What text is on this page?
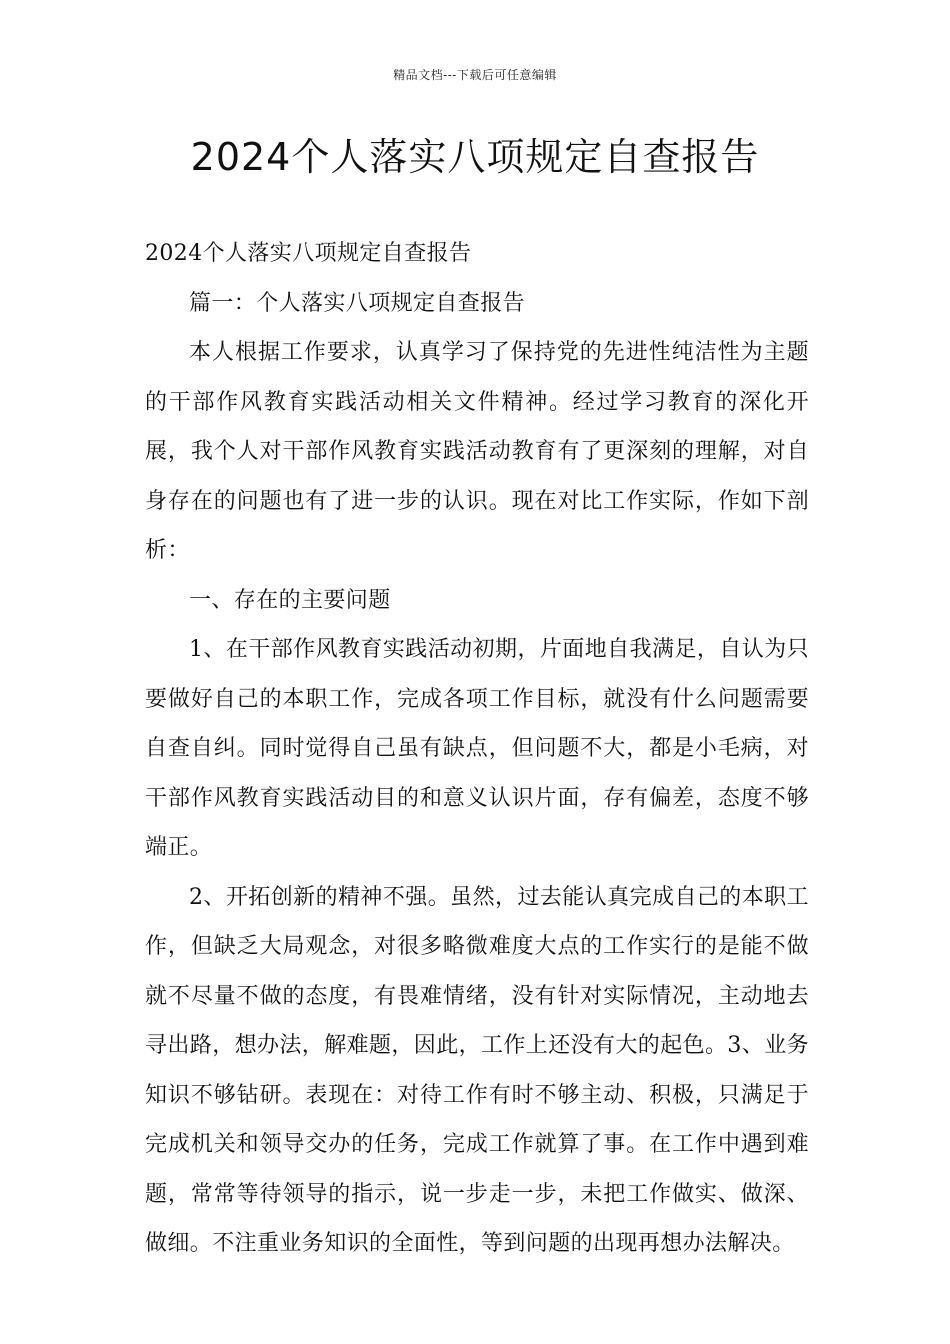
精品文档---下载后可任意编辑
2024个人落实八项规定自查报告

2024个人落实八项规定自查报告

篇一：个人落实八项规定自查报告

本人根据工作要求，认真学习了保持党的先进性纯洁性为主题的干部作风教育实践活动相关文件精神。经过学习教育的深化开展，我个人对干部作风教育实践活动教育有了更深刻的理解，对自身存在的问题也有了进一步的认识。现在对比工作实际，作如下剖析：

一、存在的主要问题

1、在干部作风教育实践活动初期，片面地自我满足，自认为只要做好自己的本职工作，完成各项工作目标，就没有什么问题需要自查自纠。同时觉得自己虽有缺点，但问题不大，都是小毛病，对干部作风教育实践活动目的和意义认识片面，存有偏差，态度不够端正。

2、开拓创新的精神不强。虽然，过去能认真完成自己的本职工作，但缺乏大局观念，对很多略微难度大点的工作实行的是能不做就不尽量不做的态度，有畏难情绪，没有针对实际情况，主动地去寻出路，想办法，解难题，因此，工作上还没有大的起色。3、业务知识不够钻研。表现在：对待工作有时不够主动、积极，只满足于完成机关和领导交办的任务，完成工作就算了事。在工作中遇到难题，常常等待领导的指示，说一步走一步，未把工作做实、做深、做细。不注重业务知识的全面性，等到问题的出现再想办法解决。
